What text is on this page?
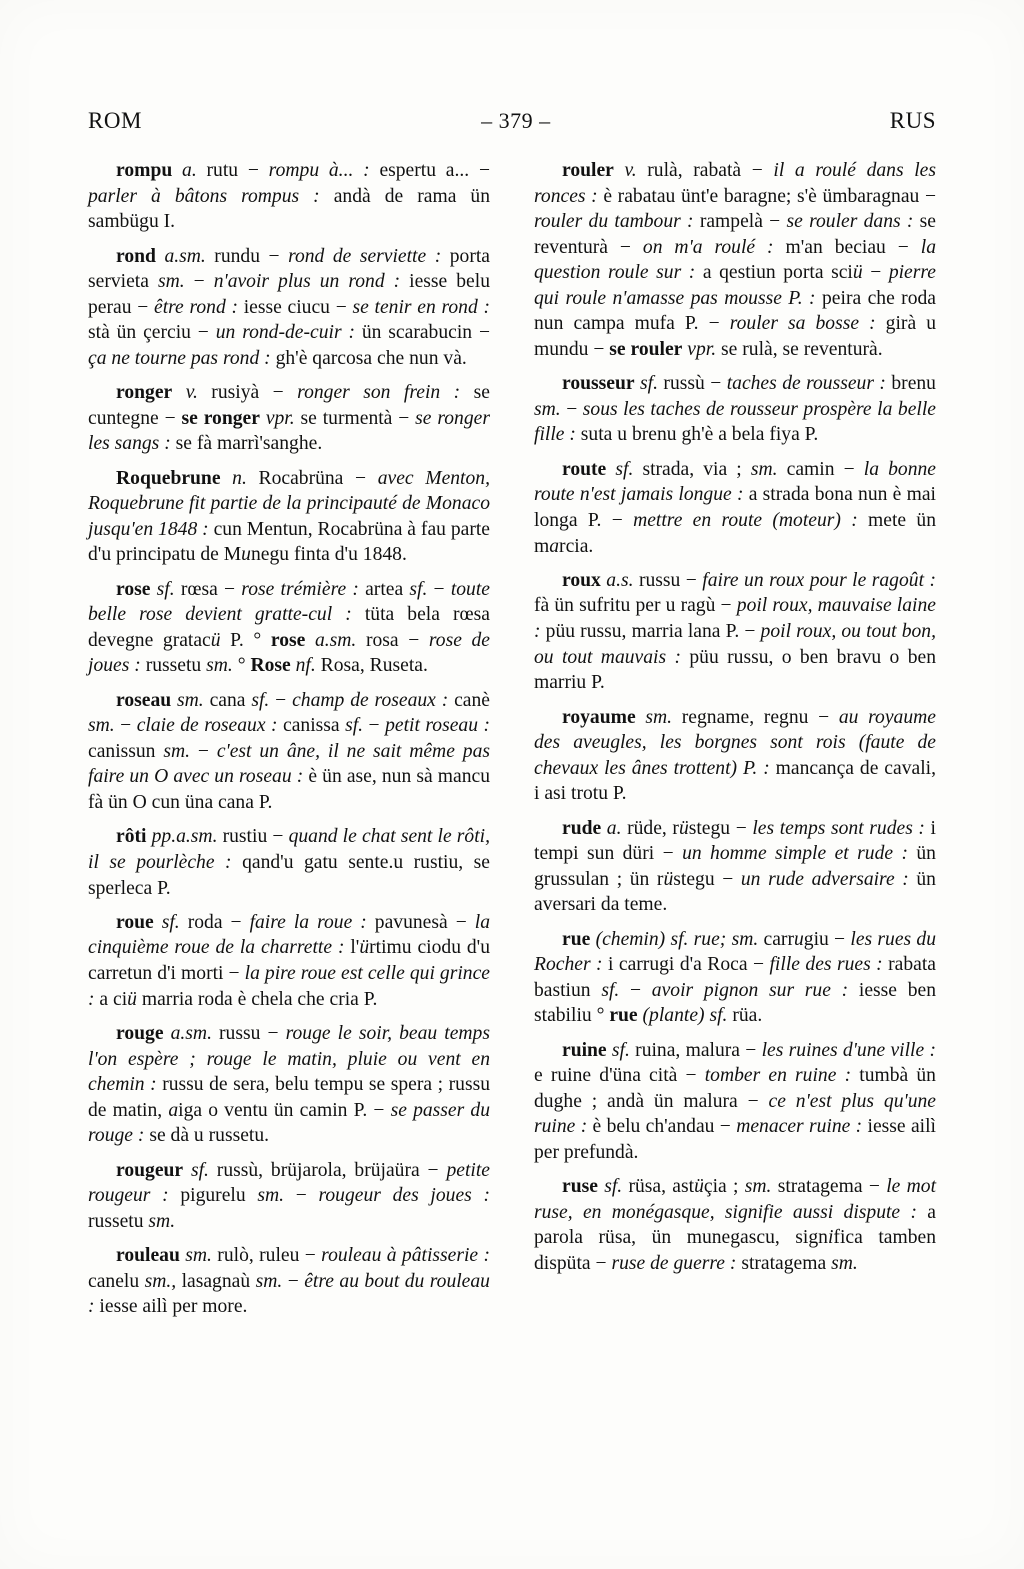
ROM	– 379 –	RUS

rompu a. rutu − rompu à... : espertu a... − parler à bâtons rompus : andà de rama ün sambügu I.

rond a.sm. rundu − rond de serviette : porta servieta sm. − n'avoir plus un rond : iesse belu perau − être rond : iesse ciucu − se tenir en rond : stà ün çerciu − un rond-de-cuir : ün scarabucin − ça ne tourne pas rond : gh'è qarcosa che nun và.

ronger v. rusiyà − ronger son frein : se cuntegne − se ronger vpr. se turmentà − se ronger les sangs : se fà marrì'sanghe.

Roquebrune n. Rocabrüna − avec Menton, Roquebrune fit partie de la principauté de Monaco jusqu'en 1848 : cun Mentun, Rocabrüna à fau parte d'u principatu de Munegu finta d'u 1848.

rose sf. rœsa − rose trémière : artea sf. − toute belle rose devient gratte-cul : tüta bela rœsa devegne gratacü P. ° rose a.sm. rosa − rose de joues : russetu sm. ° Rose nf. Rosa, Ruseta.

roseau sm. cana sf. − champ de roseaux : canè sm. − claie de roseaux : canissa sf. − petit roseau : canissun sm. − c'est un âne, il ne sait même pas faire un O avec un roseau : è ün ase, nun sà mancu fà ün O cun üna cana P.

rôti pp.a.sm. rustiu − quand le chat sent le rôti, il se pourlèche : qand'u gatu sente.u rustiu, se sperleca P.

roue sf. roda − faire la roue : pavunesà − la cinquième roue de la charrette : l'ürtimu ciodu d'u carretun d'i morti − la pire roue est celle qui grince : a ciü marria roda è chela che cria P.

rouge a.sm. russu − rouge le soir, beau temps l'on espère ; rouge le matin, pluie ou vent en chemin : russu de sera, belu tempu se spera ; russu de matin, aiga o ventu ün camin P. − se passer du rouge : se dà u russetu.

rougeur sf. russù, brüjarola, brüjaüra − petite rougeur : pigurelu sm. − rougeur des joues : russetu sm.

rouleau sm. rulò, ruleu − rouleau à pâtisserie : canelu sm., lasagnaù sm. − être au bout du rouleau : iesse ailì per more.

rouler v. rulà, rabatà − il a roulé dans les ronces : è rabatau ünt'e baragne; s'è ümbaragnau − rouler du tambour : rampelà − se rouler dans : se reventurà − on m'a roulé : m'an beciau − la question roule sur : a qestiun porta sciü − pierre qui roule n'amasse pas mousse P. : peira che roda nun campa mufa P. − rouler sa bosse : girà u mundu − se rouler vpr. se rulà, se reventurà.

rousseur sf. russù − taches de rousseur : brenu sm. − sous les taches de rousseur prospère la belle fille : suta u brenu gh'è a bela fiya P.

route sf. strada, via ; sm. camin − la bonne route n'est jamais longue : a strada bona nun è mai longa P. − mettre en route (moteur) : mete ün marcia.

roux a.s. russu − faire un roux pour le ragoût : fà ün sufritu per u ragù − poil roux, mauvaise laine : püu russu, marria lana P. − poil roux, ou tout bon, ou tout mauvais : püu russu, o ben bravu o ben marriu P.

royaume sm. regname, regnu − au royaume des aveugles, les borgnes sont rois (faute de chevaux les ânes trottent) P. : mancança de cavali, i asi trotu P.

rude a. rüde, rüstegu − les temps sont rudes : i tempi sun düri − un homme simple et rude : ün grussulan ; ün rüstegu − un rude adversaire : ün aversari da teme.

rue (chemin) sf. rue; sm. carrugiu − les rues du Rocher : i carrugi d'a Roca − fille des rues : rabata bastiun sf. − avoir pignon sur rue : iesse ben stabiliu ° rue (plante) sf. rüa.

ruine sf. ruina, malura − les ruines d'une ville : e ruine d'üna cità − tomber en ruine : tumbà ün dughe ; andà ün malura − ce n'est plus qu'une ruine : è belu ch'andau − menacer ruine : iesse ailì per prefundà.

ruse sf. rüsa, astüçia ; sm. stratagema − le mot ruse, en monégasque, signifie aussi dispute : a parola rüsa, ün munegascu, significa tamben dispüta − ruse de guerre : stratagema sm.
